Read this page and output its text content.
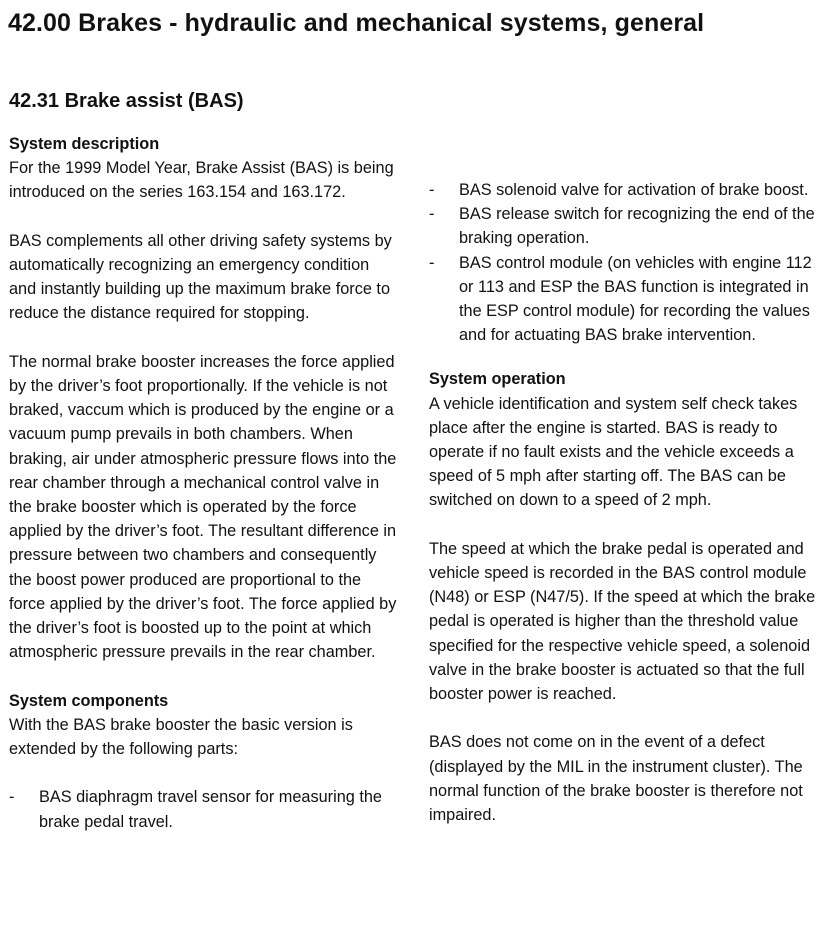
42.00 Brakes - hydraulic and mechanical systems, general
42.31 Brake assist (BAS)
System description

For the 1999 Model Year, Brake Assist (BAS) is being introduced on the series 163.154 and 163.172.

BAS complements all other driving safety systems by automatically recognizing an emergency condition and instantly building up the maximum brake force to reduce the distance required for stopping.

The normal brake booster increases the force applied by the driver’s foot proportionally. If the vehicle is not braked, vaccum which is produced by the engine or a vacuum pump prevails in both chambers. When braking, air under atmospheric pressure flows into the rear chamber through a mechanical control valve in the brake booster which is operated by the force applied by the driver’s foot. The resultant difference in pressure between two chambers and consequently the boost power produced are proportional to the force applied by the driver’s foot. The force applied by the driver’s foot is boosted up to the point at which atmospheric pressure prevails in the rear chamber.

System components

With the BAS brake booster the basic version is extended by the following parts:

-	BAS diaphragm travel sensor for measuring the brake pedal travel.
-	BAS solenoid valve for activation of brake boost.
-	BAS release switch for recognizing the end of the braking operation.
-	BAS control module (on vehicles with engine 112 or 113 and ESP the BAS function is integrated in the ESP control module) for recording the values and for actuating BAS brake intervention.
System operation

A vehicle identification and system self check takes place after the engine is started. BAS is ready to operate if no fault exists and the vehicle exceeds a speed of 5 mph after starting off. The BAS can be switched on down to a speed of 2 mph.

The speed at which the brake pedal is operated and vehicle speed is recorded in the BAS control module (N48) or ESP (N47/5). If the speed at which the brake pedal is operated is higher than the threshold value specified for the respective vehicle speed, a solenoid valve in the brake booster is actuated so that the full booster power is reached.

BAS does not come on in the event of a defect (displayed by the MIL in the instrument cluster). The normal function of the brake booster is therefore not impaired.
